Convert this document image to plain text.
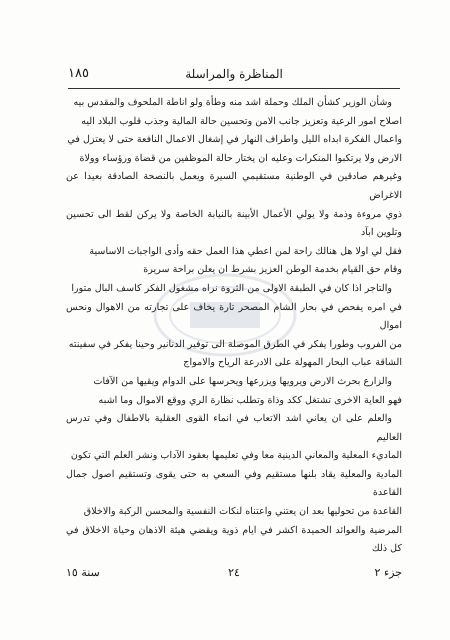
١٨٥	المناظرة والمراسلة

وشأن الوزير كشأن الملك وحملة اشد منه وطأة ولو اناطة الملحوف والمقدس بيه

اصلاح امور الرعية وتعزيز جانب الامن وتحسين حالة المالية وجذب قلوب البلاد اليه

واعمال الفكرة ابداه الليل واطراف النهار في إشغال الاعمال النافعة حتى لا يعتزل في

الارض ولا يرتكبوا المنكرات وعليه ان يختار حالة الموظفين من قضاة ورؤساء وولاة

وغيرهم صادقين في الوطنية مستقيمي السيرة ويعمل بالنصحة الصادقة بعيدا عن الاغراض

ذوي مروءة وذمة ولا يولي الأعمال الأبينة بالنيابة الخاصة ولا يركن لقط الى تحسين وتلوين ابآد

فقل لي اولا هل هنالك راحة لمن اعطي هذا العمل حقه وأدى الواجبات الاساسية

وقام حق القيام بخدمة الوطن العزيز بشرط ان يعلن براحة سريرة

والتاجر اذا كان في الطبقة الاولى من الثروة نراه مشغول الفكر كاسف البال متورا

في امره يفحص في بحار الشام المصحر تارة يخاف على تجارته من الاهوال ونحس اموال

من الفروب وطورا يفكر في الطرق الموصلة الى توفير الدنانير وحينا يفكر في سفينته

الشاقة عباب البحار المهولة على الادرعة الرياح والامواج

والزارع بحرث الارض ويرويها ويزرعها ويحرسها على الدوام ويقيها من الآفات

فهو العاية الاخرى تشتغل ككد وذاة وتطلب نظارة الري ووقع الاموال وما اشبه

والعلم على ان يعاني اشد الاتعاب في انماء القوى العقلية بالاطفال وفي تدرس العاليم

الماديء المعلية والمعاني الدينية معا وفي تعليمها بعقود الآداب ونشر العلم التي تكون

المادية والمعلية يقاد بلنها مستقيم وفي السعي به حتى يقوى وتستقيم اصول جمال القاعدة

القاعدة من تحوليها بعد ان يعتني واعتناه لنكات النفسية والمحسن الركبة والاخلاق

المرضية والعوائد الحميدة اكشر في ايام ذوية ويقضي هيئة الاذهان وحياة الاخلاق في كل ذلك

جزء ٢
٢٤
سنة ١٥
